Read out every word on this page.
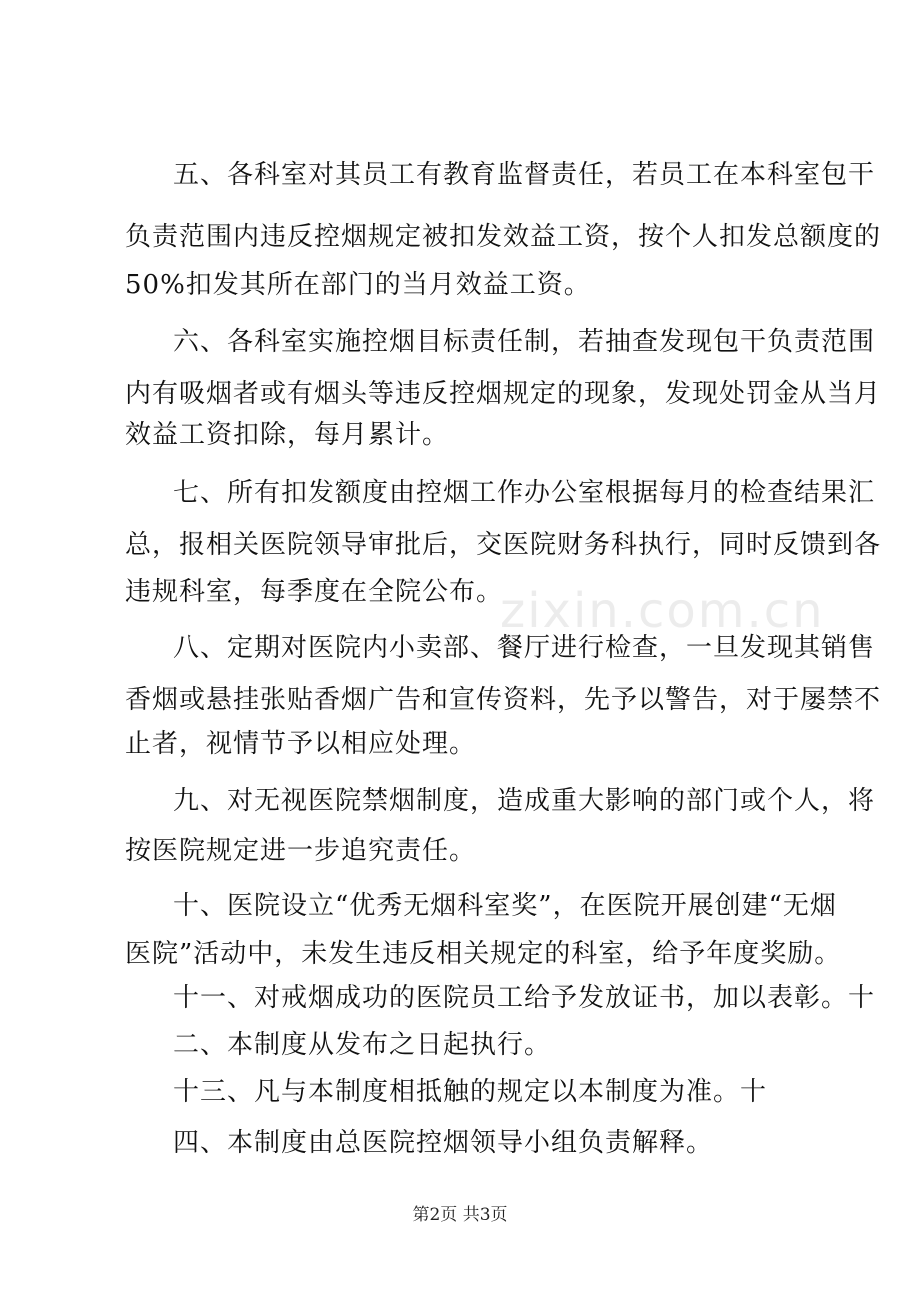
五、各科室对其员工有教育监督责任，若员工在本科室包干
负责范围内违反控烟规定被扣发效益工资，按个人扣发总额度的
50%扣发其所在部门的当月效益工资。
六、各科室实施控烟目标责任制，若抽查发现包干负责范围
内有吸烟者或有烟头等违反控烟规定的现象，发现处罚金从当月
效益工资扣除，每月累计。
七、所有扣发额度由控烟工作办公室根据每月的检查结果汇
总，报相关医院领导审批后，交医院财务科执行，同时反馈到各
违规科室，每季度在全院公布。
八、定期对医院内小卖部、餐厅进行检查，一旦发现其销售
香烟或悬挂张贴香烟广告和宣传资料，先予以警告，对于屡禁不
止者，视情节予以相应处理。
九、对无视医院禁烟制度，造成重大影响的部门或个人，将
按医院规定进一步追究责任。
十、医院设立“优秀无烟科室奖”，在医院开展创建“无烟
医院”活动中，未发生违反相关规定的科室，给予年度奖励。
十一、对戒烟成功的医院员工给予发放证书，加以表彰。十
二、本制度从发布之日起执行。
十三、凡与本制度相抵触的规定以本制度为准。十
四、本制度由总医院控烟领导小组负责解释。
zixin.com.cn
第2页 共3页
